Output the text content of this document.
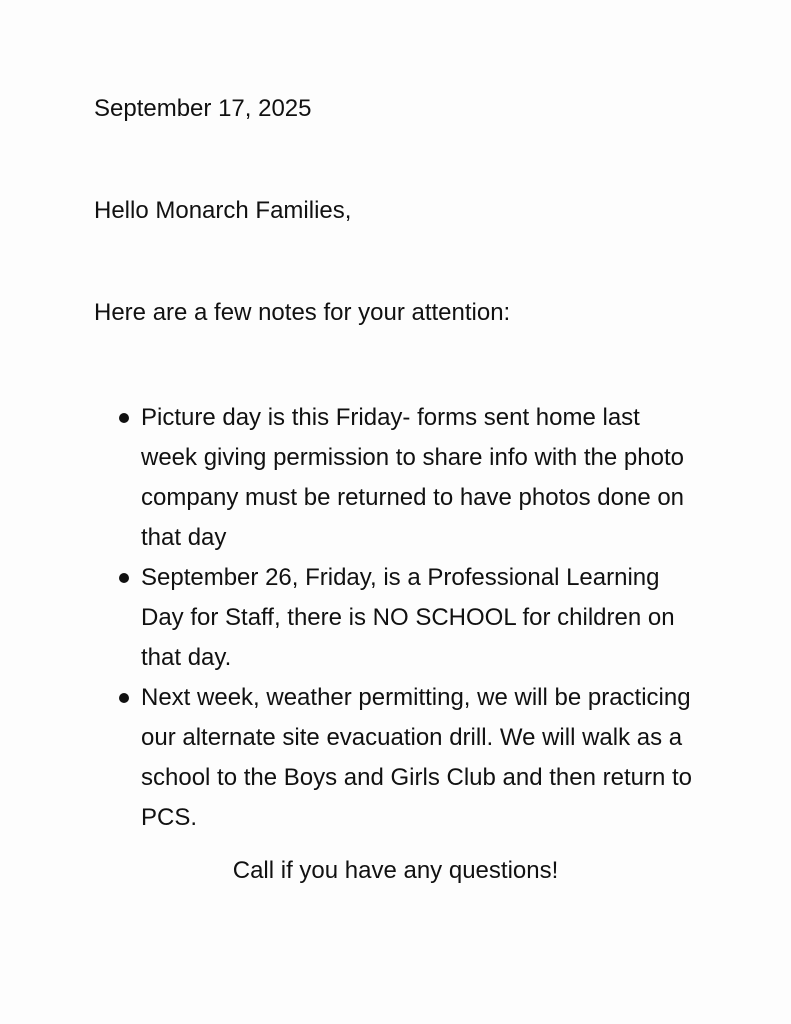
September 17, 2025
Hello Monarch Families,
Here are a few notes for your attention:
Picture day is this Friday- forms sent home last week giving permission to share info with the photo company must be returned to have photos done on that day
September 26, Friday, is a Professional Learning Day for Staff, there is NO SCHOOL for children on that day.
Next week, weather permitting, we will be practicing our alternate site evacuation drill. We will walk as a school to the Boys and Girls Club and then return to PCS.
Call if you have any questions!
